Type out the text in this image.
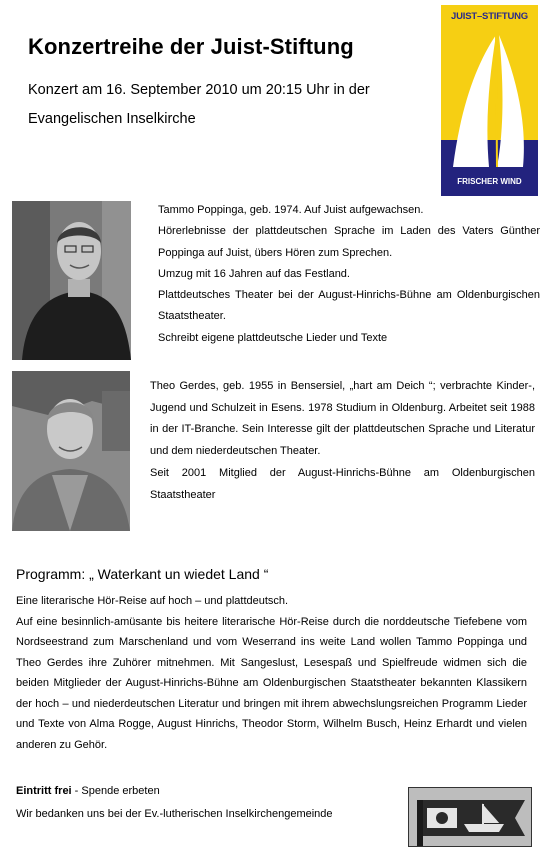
Konzertreihe der Juist-Stiftung
Konzert am 16. September 2010 um 20:15 Uhr in der Evangelischen Inselkirche
JUIST–STIFTUNG
FRISCHER WIND
Tammo Poppinga, geb. 1974. Auf Juist aufgewachsen.
Hörerlebnisse der plattdeutschen Sprache im Laden des Vaters Günther Poppinga auf Juist, übers Hören zum Sprechen.
Umzug mit 16 Jahren auf das Festland.
Plattdeutsches Theater bei der August-Hinrichs-Bühne am Oldenburgischen Staatstheater.
Schreibt eigene plattdeutsche Lieder und Texte
Theo Gerdes, geb. 1955 in Bensersiel, „hart am Deich “; verbrachte Kinder-, Jugend und Schulzeit in Esens. 1978 Studium in Oldenburg. Arbeitet seit 1988 in der IT-Branche. Sein Interesse gilt der plattdeutschen Sprache und Literatur und dem niederdeutschen Theater.
Seit 2001 Mitglied der August-Hinrichs-Bühne am Oldenburgischen Staatstheater
Programm: „ Waterkant un wiedet Land “
Eine literarische Hör-Reise auf hoch – und plattdeutsch.
Auf eine besinnlich-amüsante bis heitere literarische Hör-Reise durch die norddeutsche Tiefebene vom Nordseestrand zum Marschenland und vom Weserrand ins weite Land wollen Tammo Poppinga und Theo Gerdes ihre Zuhörer mitnehmen. Mit Sangeslust, Lesespaß und Spielfreude widmen sich die beiden Mitglieder der August-Hinrichs-Bühne am Oldenburgischen Staatstheater bekannten Klassikern der hoch – und niederdeutschen Literatur und bringen mit ihrem abwechslungsreichen Programm Lieder und Texte von Alma Rogge, August Hinrichs, Theodor Storm, Wilhelm Busch, Heinz Erhardt und vielen anderen zu Gehör.
Eintritt frei - Spende erbeten
Wir bedanken uns bei der Ev.-lutherischen Inselkirchengemeinde
